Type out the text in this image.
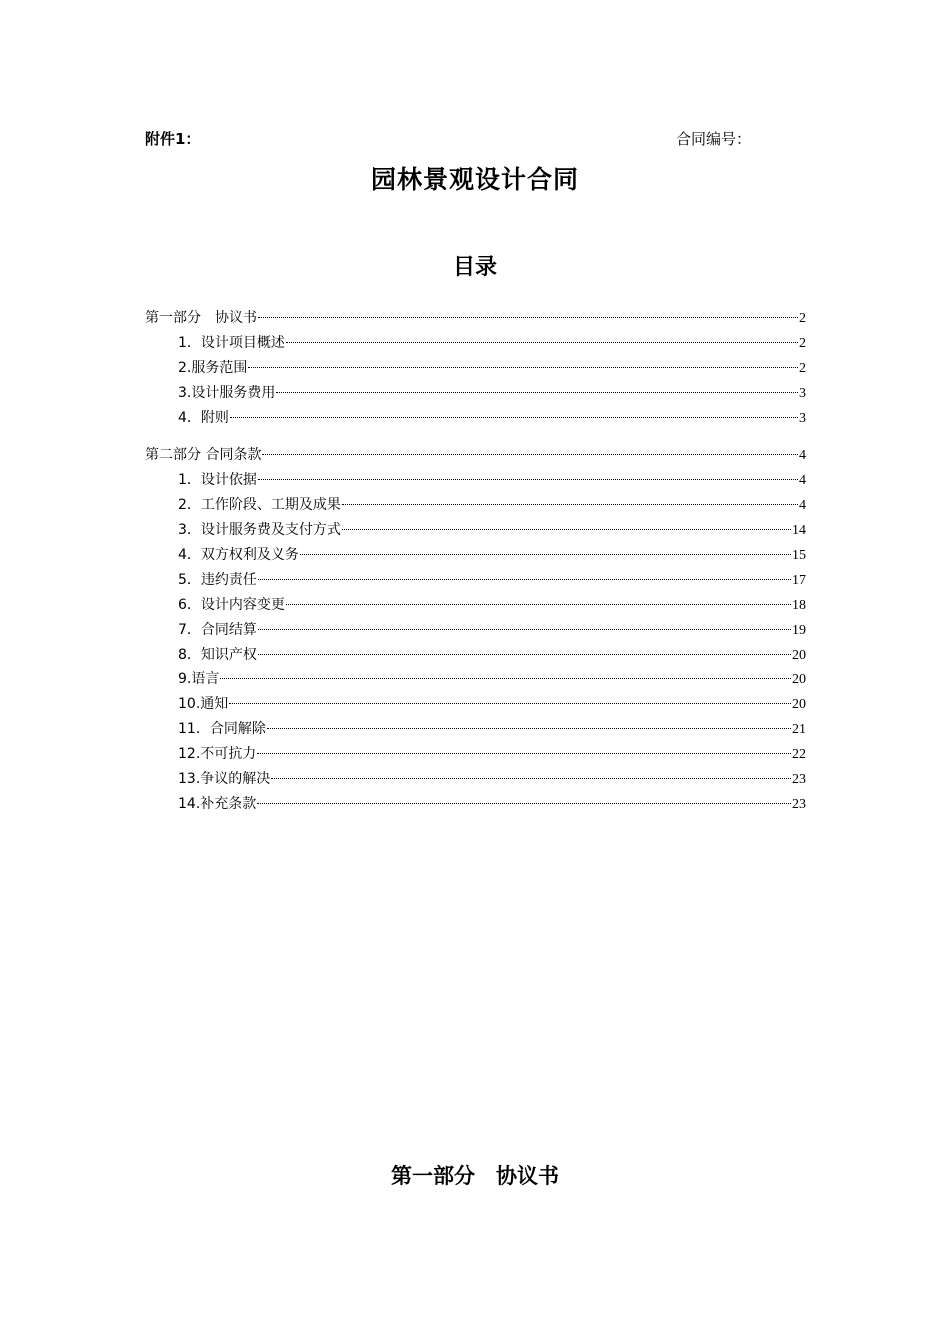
附件1：	合同编号：
园林景观设计合同
目录
第一部分　协议书	2
1．设计项目概述	2
2.服务范围	2
3.设计服务费用	3
4．附则	3
第二部分 合同条款	4
1．设计依据	4
2．工作阶段、工期及成果	4
3．设计服务费及支付方式	14
4．双方权利及义务	15
5．违约责任	17
6．设计内容变更	18
7．合同结算	19
8．知识产权	20
9.语言	20
10.通知	20
11．合同解除	21
12.不可抗力	22
13.争议的解决	23
14.补充条款	23
第一部分　协议书
